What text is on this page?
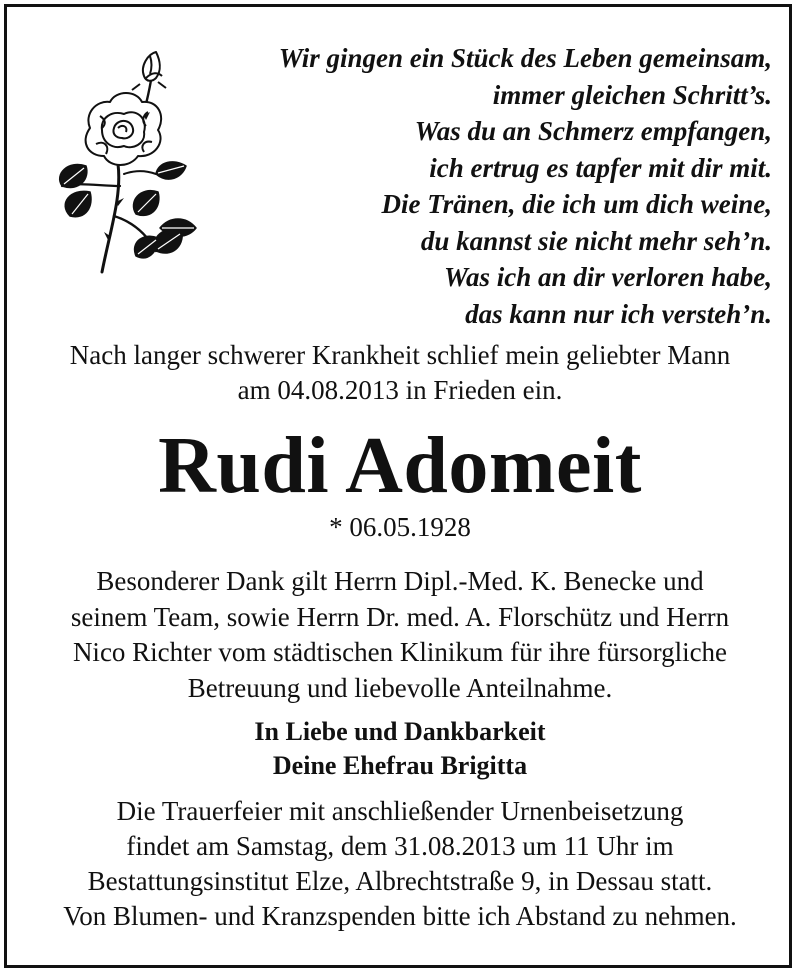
Wir gingen ein Stück des Leben gemeinsam,
immer gleichen Schritt’s.
Was du an Schmerz empfangen,
ich ertrug es tapfer mit dir mit.
Die Tränen, die ich um dich weine,
du kannst sie nicht mehr seh’n.
Was ich an dir verloren habe,
das kann nur ich versteh’n.
Nach langer schwerer Krankheit schlief mein geliebter Mann
am 04.08.2013 in Frieden ein.
Rudi Adomeit
* 06.05.1928
Besonderer Dank gilt Herrn Dipl.-Med. K. Benecke und
seinem Team, sowie Herrn Dr. med. A. Florschütz und Herrn
Nico Richter vom städtischen Klinikum für ihre fürsorgliche
Betreuung und liebevolle Anteilnahme.
In Liebe und Dankbarkeit
Deine Ehefrau Brigitta
Die Trauerfeier mit anschließender Urnenbeisetzung
findet am Samstag, dem 31.08.2013 um 11 Uhr im
Bestattungsinstitut Elze, Albrechtstraße 9, in Dessau statt.
Von Blumen- und Kranzspenden bitte ich Abstand zu nehmen.
